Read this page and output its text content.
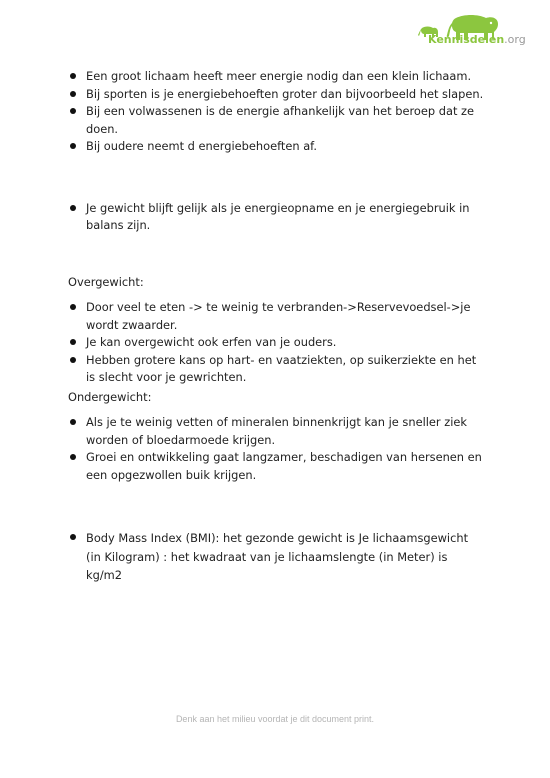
Kennisdelen.org
Een groot lichaam heeft meer energie nodig dan een klein lichaam.
Bij sporten is je energiebehoeften groter dan bijvoorbeeld het slapen.
Bij een volwassenen is de energie afhankelijk van het beroep dat ze doen.
Bij oudere neemt d energiebehoeften af.
Je gewicht blijft gelijk als je energieopname en je energiegebruik in balans zijn.

Overgewicht:

Door veel te eten -> te weinig te verbranden->Reservevoedsel->je wordt zwaarder.
Je kan overgewicht ook erfen van je ouders.
Hebben grotere kans op hart- en vaatziekten, op suikerziekte en het is slecht voor je gewrichten.

Ondergewicht:

Als je te weinig vetten of mineralen binnenkrijgt kan je sneller ziek worden of bloedarmoede krijgen.
Groei en ontwikkeling gaat langzamer, beschadigen van hersenen en een opgezwollen buik krijgen.
Body Mass Index (BMI): het gezonde gewicht is Je lichaamsgewicht (in Kilogram) : het kwadraat van je lichaamslengte (in Meter) is kg/m2
Denk aan het milieu voordat je dit document print.
